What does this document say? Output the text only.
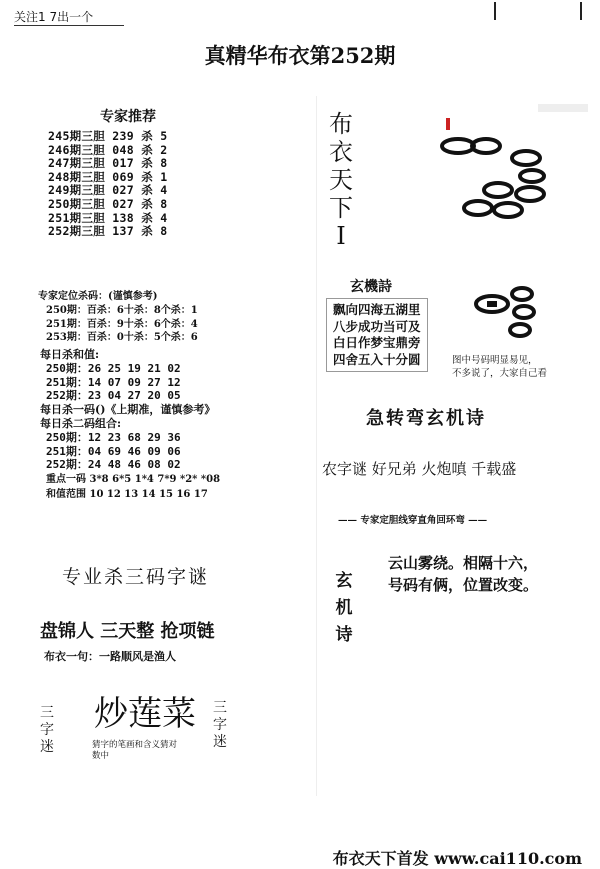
关注1 7出一个
真精华布衣第252期
专家推荐
245期三胆 239 杀 5
246期三胆 048 杀 2
247期三胆 017 杀 8
248期三胆 069 杀 1
249期三胆 027 杀 4
250期三胆 027 杀 8
251期三胆 138 杀 4
252期三胆 137 杀 8
专家定位杀码：(谨慎参考)
250期：百杀：6十杀：8个杀：1
251期：百杀：9十杀：6个杀：4
253期：百杀：0十杀：5个杀：6
每日杀和值:
250期：26 25 19 21 02
251期：14 07 09 27 12
252期：23 04 27 20 05
每日杀一码()《上期准，谨慎参考》
每日杀二码组合:
250期：12 23 68 29 36
251期：04 69 46 09 06
252期：24 48 46 08 02
重点一码 3*8 6*5 1*4 7*9 *2* *08
和值范围 10 12 13 14 15 16 17
专业杀三码字谜
盘锦人 三天整 抢项链
布衣一句：一路顺风是渔人
三字迷
炒莲菜
猜字的笔画和含义猜对数中
三字迷
布衣天下I
玄機詩
飘向四海五湖里
八步成功当可及
白日作梦宝鼎旁
四舍五入十分圆	图中号码明显易见，
不多说了，大家自己看
急转弯玄机诗
农字谜 好兄弟 火炮嗔 千载盛
—— 专家定胆线穿直角回环弯 ——
玄机诗
云山雾绕。相隔十六，
号码有俩，位置改变。
布衣天下首发 www.cai110.com
